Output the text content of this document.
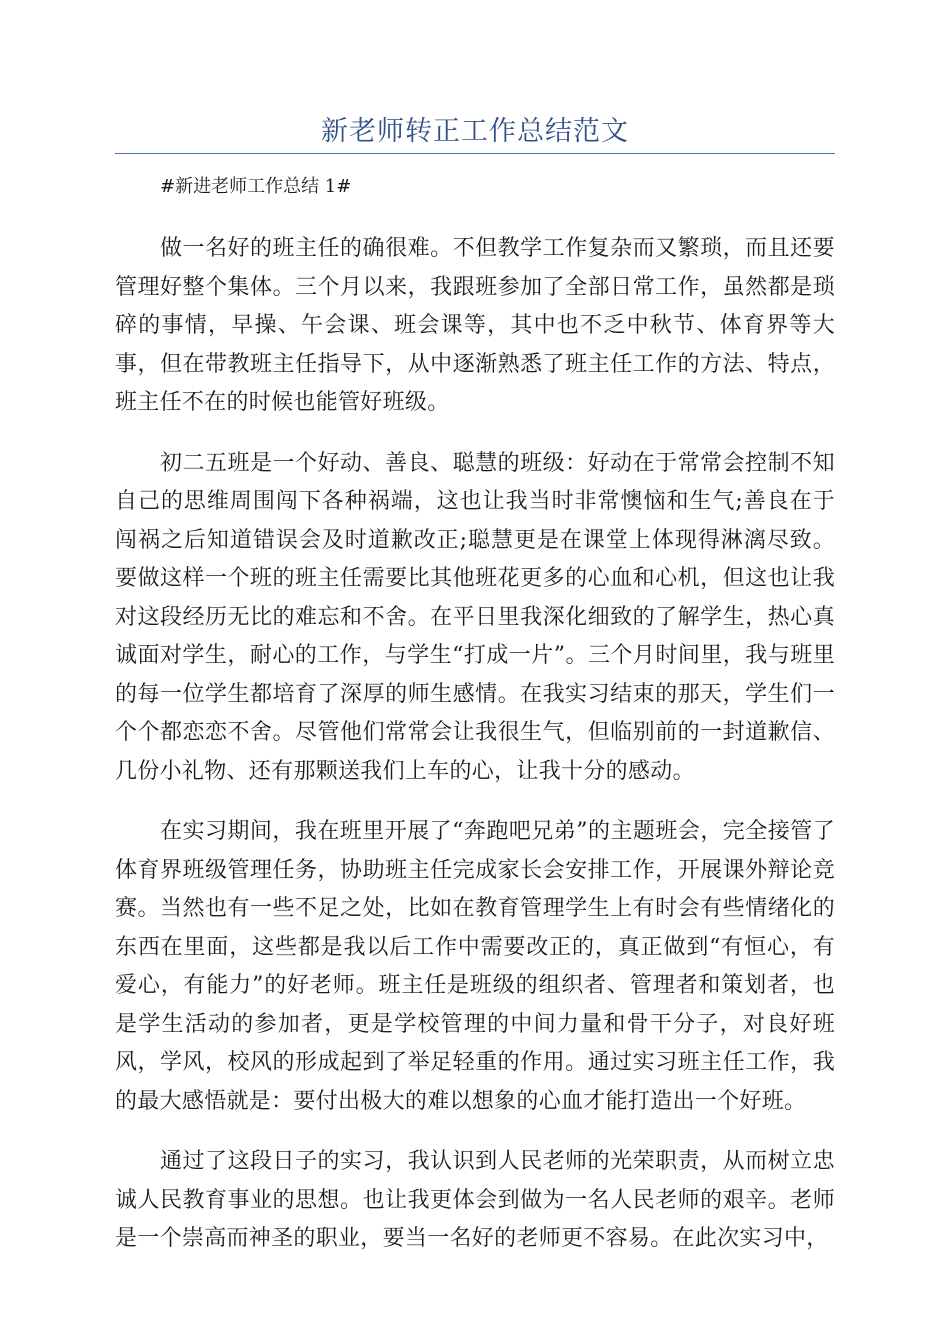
新老师转正工作总结范文

#新进老师工作总结 1#

做一名好的班主任的确很难。不但教学工作复杂而又繁琐，而且还要管理好整个集体。三个月以来，我跟班参加了全部日常工作，虽然都是琐碎的事情，早操、午会课、班会课等，其中也不乏中秋节、体育界等大事，但在带教班主任指导下，从中逐渐熟悉了班主任工作的方法、特点，班主任不在的时候也能管好班级。

初二五班是一个好动、善良、聪慧的班级：好动在于常常会控制不知自己的思维周围闯下各种祸端，这也让我当时非常懊恼和生气;善良在于闯祸之后知道错误会及时道歉改正;聪慧更是在课堂上体现得淋漓尽致。要做这样一个班的班主任需要比其他班花更多的心血和心机，但这也让我对这段经历无比的难忘和不舍。在平日里我深化细致的了解学生，热心真诚面对学生，耐心的工作，与学生“打成一片”。三个月时间里，我与班里的每一位学生都培育了深厚的师生感情。在我实习结束的那天，学生们一个个都恋恋不舍。尽管他们常常会让我很生气，但临别前的一封道歉信、几份小礼物、还有那颗送我们上车的心，让我十分的感动。

在实习期间，我在班里开展了“奔跑吧兄弟”的主题班会，完全接管了体育界班级管理任务，协助班主任完成家长会安排工作，开展课外辩论竞赛。当然也有一些不足之处，比如在教育管理学生上有时会有些情绪化的东西在里面，这些都是我以后工作中需要改正的，真正做到“有恒心，有爱心，有能力”的好老师。班主任是班级的组织者、管理者和策划者，也是学生活动的参加者，更是学校管理的中间力量和骨干分子，对良好班风，学风，校风的形成起到了举足轻重的作用。通过实习班主任工作，我的最大感悟就是：要付出极大的难以想象的心血才能打造出一个好班。

通过了这段日子的实习，我认识到人民老师的光荣职责，从而树立忠诚人民教育事业的思想。也让我更体会到做为一名人民老师的艰辛。老师是一个崇高而神圣的职业，要当一名好的老师更不容易。在此次实习中，
